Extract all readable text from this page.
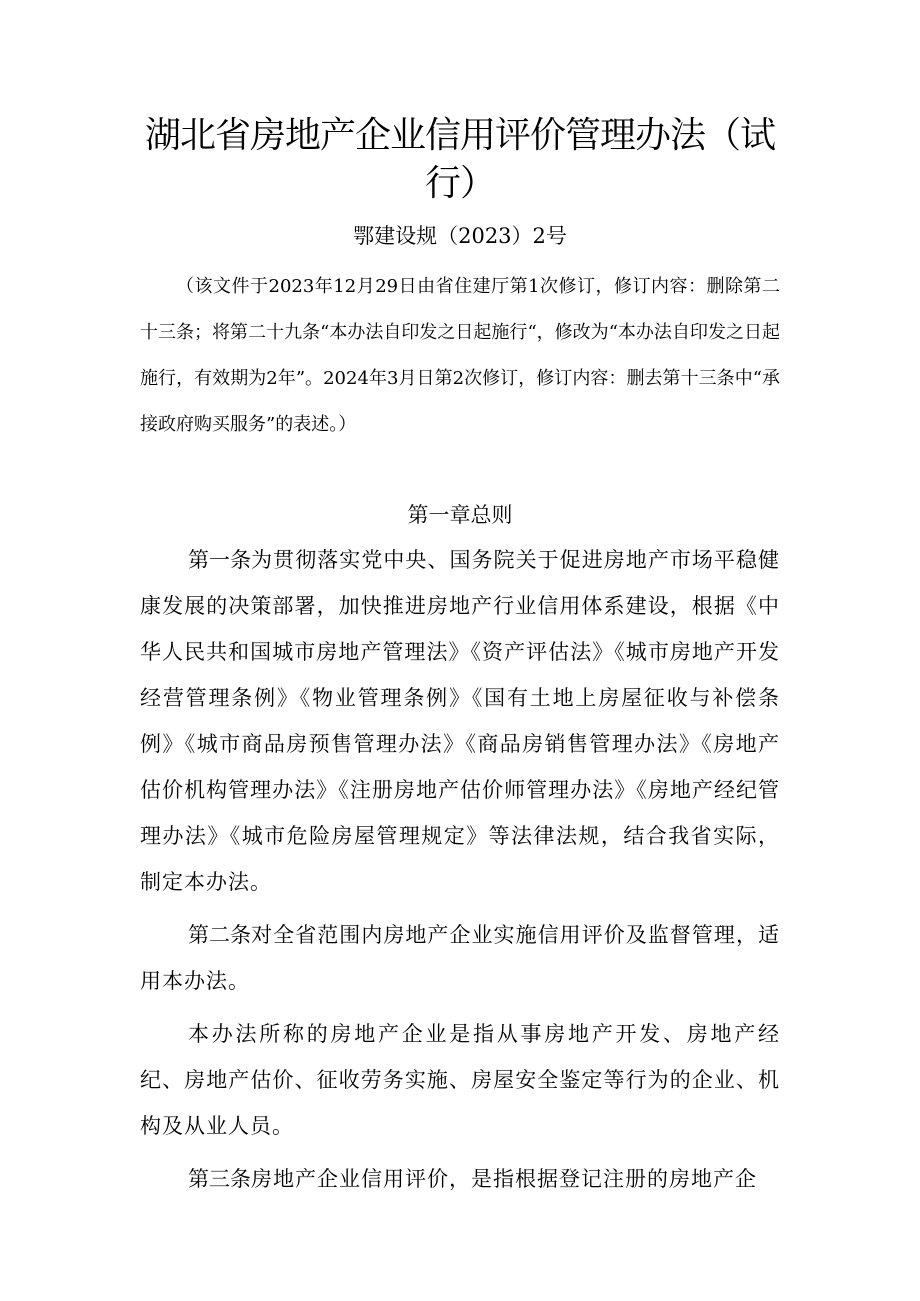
湖北省房地产企业信用评价管理办法（试行）
鄂建设规（2023）2号
（该文件于2023年12月29日由省住建厅第1次修订，修订内容：删除第二十三条；将第二十九条“本办法自印发之日起施行“，修改为“本办法自印发之日起施行，有效期为2年”。2024年3月日第2次修订，修订内容：删去第十三条中“承接政府购买服务”的表述。）
第一章总则

第一条为贯彻落实党中央、国务院关于促进房地产市场平稳健康发展的决策部署，加快推进房地产行业信用体系建设，根据《中华人民共和国城市房地产管理法》《资产评估法》《城市房地产开发经营管理条例》《物业管理条例》《国有土地上房屋征收与补偿条例》《城市商品房预售管理办法》《商品房销售管理办法》《房地产估价机构管理办法》《注册房地产估价师管理办法》《房地产经纪管理办法》《城市危险房屋管理规定》等法律法规，结合我省实际，制定本办法。

第二条对全省范围内房地产企业实施信用评价及监督管理，适用本办法。

本办法所称的房地产企业是指从事房地产开发、房地产经纪、房地产估价、征收劳务实施、房屋安全鉴定等行为的企业、机构及从业人员。

第三条房地产企业信用评价，是指根据登记注册的房地产企
